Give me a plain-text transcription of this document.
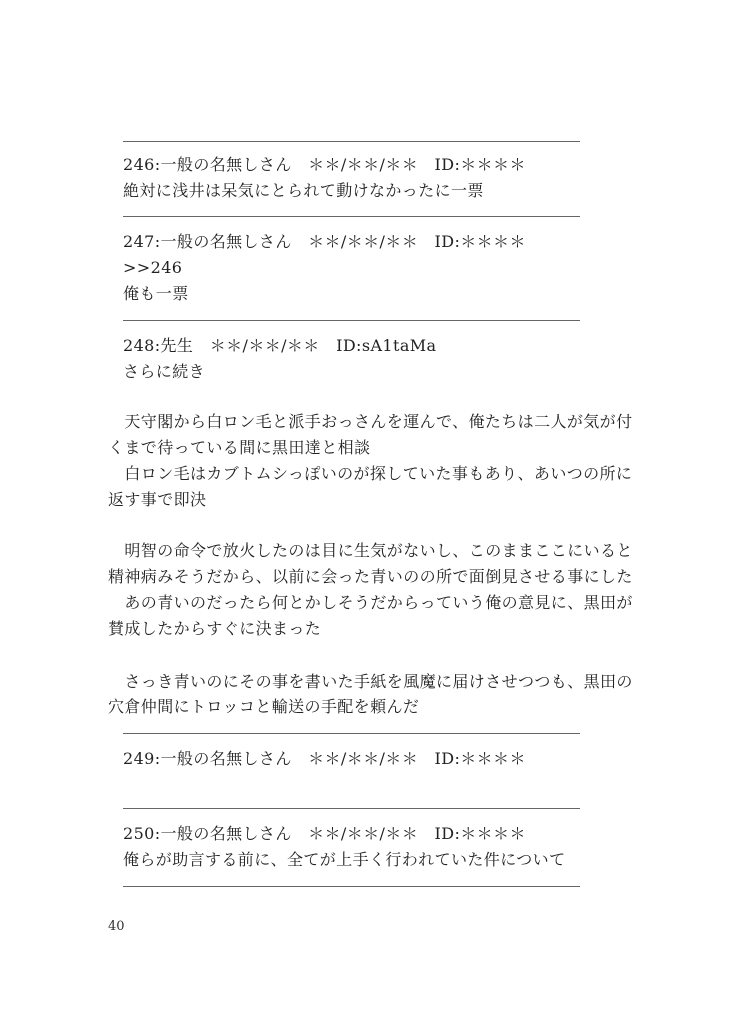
246:一般の名無しさん　＊＊/＊＊/＊＊　ID:＊＊＊＊
絶対に浅井は呆気にとられて動けなかったに一票
247:一般の名無しさん　＊＊/＊＊/＊＊　ID:＊＊＊＊
>>246
俺も一票
248:先生　＊＊/＊＊/＊＊　ID:sA1taMa
さらに続き
　天守閣から白ロン毛と派手おっさんを運んで、俺たちは二人が気が付
くまで待っている間に黒田達と相談
　白ロン毛はカブトムシっぽいのが探していた事もあり、あいつの所に
返す事で即決
　明智の命令で放火したのは目に生気がないし、このままここにいると
精神病みそうだから、以前に会った青いのの所で面倒見させる事にした
　あの青いのだったら何とかしそうだからっていう俺の意見に、黒田が
賛成したからすぐに決まった
　さっき青いのにその事を書いた手紙を風魔に届けさせつつも、黒田の
穴倉仲間にトロッコと輸送の手配を頼んだ
249:一般の名無しさん　＊＊/＊＊/＊＊　ID:＊＊＊＊
250:一般の名無しさん　＊＊/＊＊/＊＊　ID:＊＊＊＊
俺らが助言する前に、全てが上手く行われていた件について
40
